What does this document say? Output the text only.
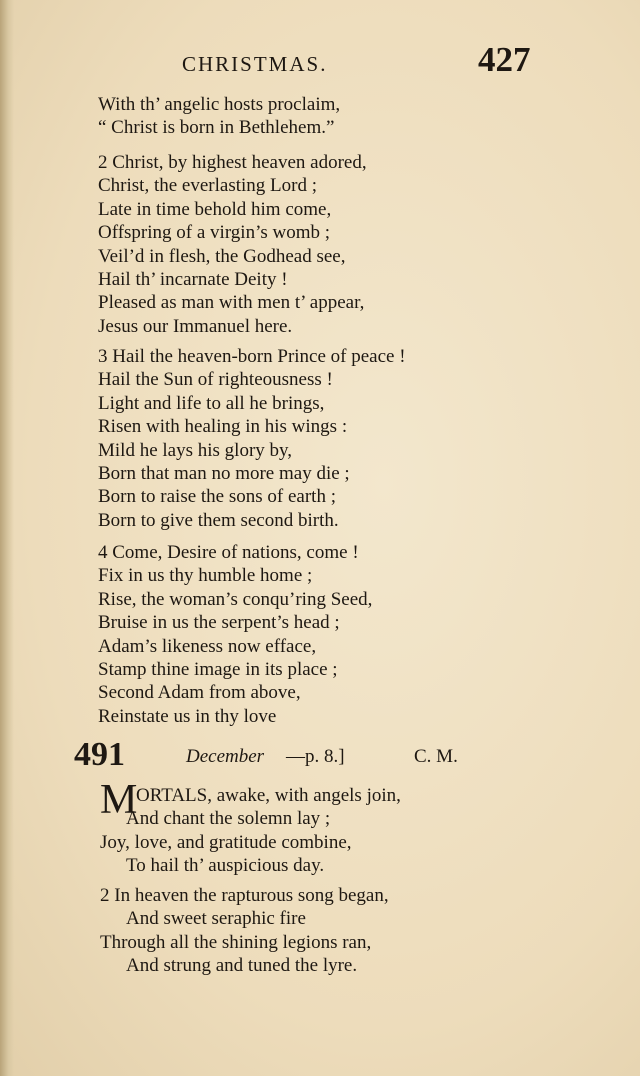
CHRISTMAS.	427
With th’ angelic hosts proclaim,
“ Christ is born in Bethlehem.”
2 Christ, by highest heaven adored,
Christ, the everlasting Lord ;
Late in time behold him come,
Offspring of a virgin’s womb ;
Veil’d in flesh, the Godhead see,
Hail th’ incarnate Deity !
Pleased as man with men t’ appear,
Jesus our Immanuel here.
3 Hail the heaven-born Prince of peace !
Hail the Sun of righteousness !
Light and life to all he brings,
Risen with healing in his wings :
Mild he lays his glory by,
Born that man no more may die ;
Born to raise the sons of earth ;
Born to give them second birth.
4 Come, Desire of nations, come !
Fix in us thy humble home ;
Rise, the woman’s conqu’ring Seed,
Bruise in us the serpent’s head ;
Adam’s likeness now efface,
Stamp thine image in its place ;
Second Adam from above,
Reinstate us in thy love
491	December —p. 8.]	C. M.
M
ORTALS, awake, with angels join,
And chant the solemn lay ;
Joy, love, and gratitude combine,
To hail th’ auspicious day.
2 In heaven the rapturous song began,
And sweet seraphic fire
Through all the shining legions ran,
And strung and tuned the lyre.
